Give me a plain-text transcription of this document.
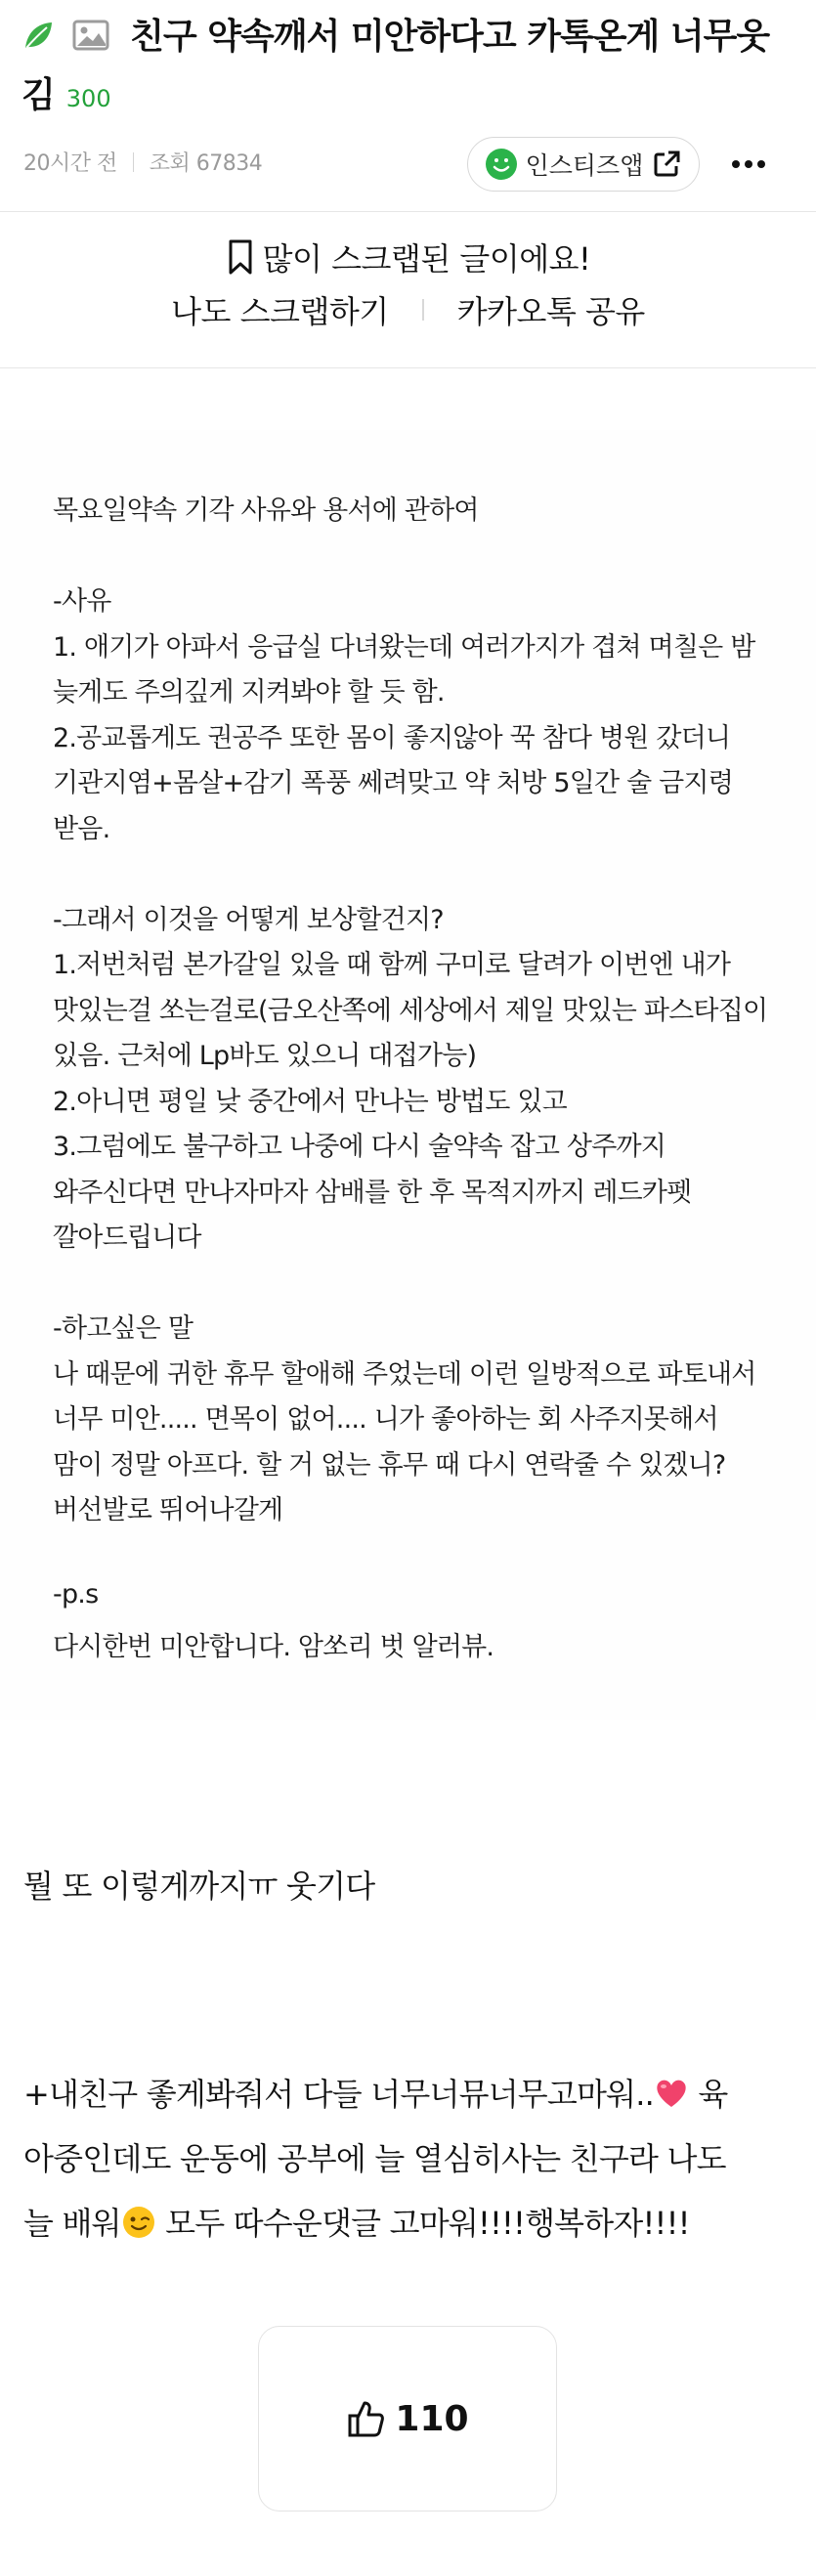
친구 약속깨서 미안하다고 카톡온게 너무웃김 300
20시간 전 조회 67834	인스티즈앱
많이 스크랩된 글이에요!
나도 스크랩하기 카카오톡 공유
목요일약속 기각 사유와 용서에 관하여
-사유
1. 애기가 아파서 응급실 다녀왔는데 여러가지가 겹쳐 며칠은 밤
늦게도 주의깊게 지켜봐야 할 듯 함.
2.공교롭게도 권공주 또한 몸이 좋지않아 꾹 참다 병원 갔더니
기관지염+몸살+감기 폭풍 쎄려맞고 약 처방 5일간 술 금지령
받음.
-그래서 이것을 어떻게 보상할건지?
1.저번처럼 본가갈일 있을 때 함께 구미로 달려가 이번엔 내가
맛있는걸 쏘는걸로(금오산쪽에 세상에서 제일 맛있는 파스타집이
있음. 근처에 Lp바도 있으니 대접가능)
2.아니면 평일 낮 중간에서 만나는 방법도 있고
3.그럼에도 불구하고 나중에 다시 술약속 잡고 상주까지
와주신다면 만나자마자 삼배를 한 후 목적지까지 레드카펫
깔아드립니다
-하고싶은 말
나 때문에 귀한 휴무 할애해 주었는데 이런 일방적으로 파토내서
너무 미안..... 면목이 없어.... 니가 좋아하는 회 사주지못해서
맘이 정말 아프다. 할 거 없는 휴무 때 다시 연락줄 수 있겠니?
버선발로 뛰어나갈게
-p.s
다시한번 미안합니다. 암쏘리 벗 알러뷰.
뭘 또 이렇게까지ㅠ 웃기다
+내친구 좋게봐줘서 다들 너무너뮤너무고마워.. 육
아중인데도 운동에 공부에 늘 열심히사는 친구라 나도
늘 배워 모두 따수운댓글 고마워!!!!행복하자!!!!
110
